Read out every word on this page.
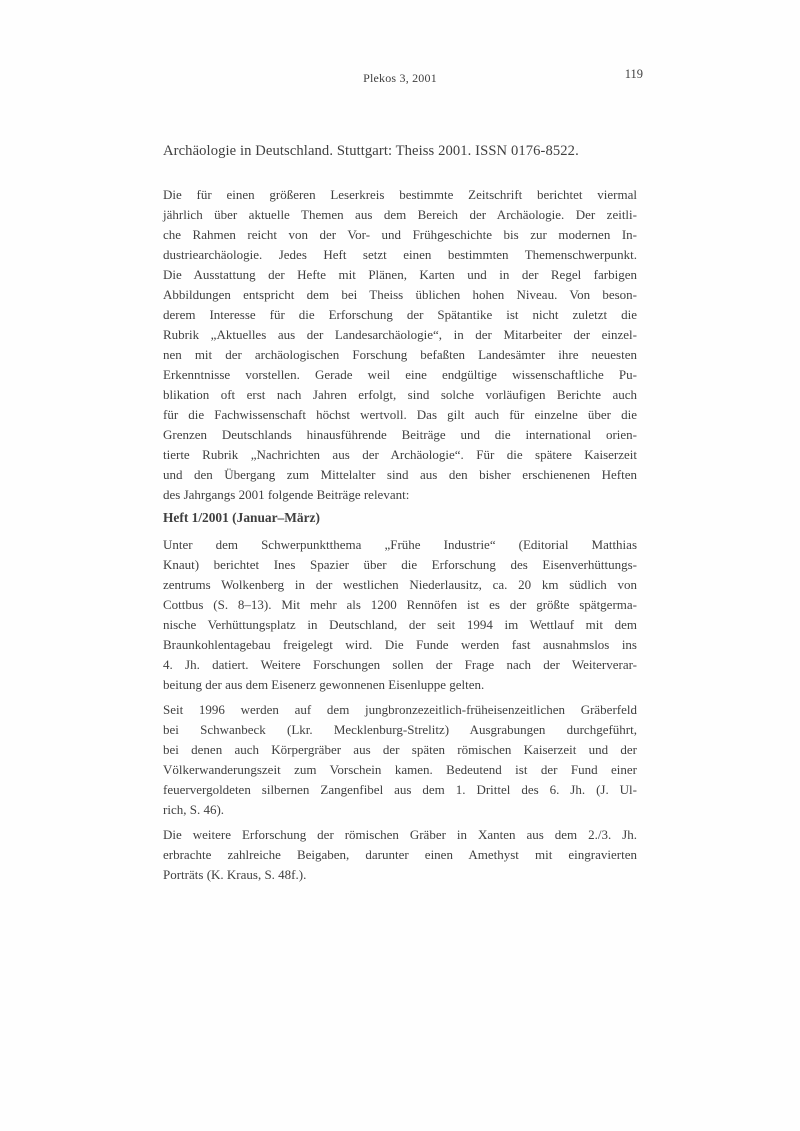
Plekos 3, 2001	119
Archäologie in Deutschland. Stuttgart: Theiss 2001. ISSN 0176-8522.
Die für einen größeren Leserkreis bestimmte Zeitschrift berichtet viermal
jährlich über aktuelle Themen aus dem Bereich der Archäologie. Der zeitli-
che Rahmen reicht von der Vor- und Frühgeschichte bis zur modernen In-
dustriearchäologie. Jedes Heft setzt einen bestimmten Themenschwerpunkt.
Die Ausstattung der Hefte mit Plänen, Karten und in der Regel farbigen
Abbildungen entspricht dem bei Theiss üblichen hohen Niveau. Von beson-
derem Interesse für die Erforschung der Spätantike ist nicht zuletzt die
Rubrik „Aktuelles aus der Landesarchäologie“, in der Mitarbeiter der einzel-
nen mit der archäologischen Forschung befaßten Landesämter ihre neuesten
Erkenntnisse vorstellen. Gerade weil eine endgültige wissenschaftliche Pu-
blikation oft erst nach Jahren erfolgt, sind solche vorläufigen Berichte auch
für die Fachwissenschaft höchst wertvoll. Das gilt auch für einzelne über die
Grenzen Deutschlands hinausführende Beiträge und die international orien-
tierte Rubrik „Nachrichten aus der Archäologie“. Für die spätere Kaiserzeit
und den Übergang zum Mittelalter sind aus den bisher erschienenen Heften
des Jahrgangs 2001 folgende Beiträge relevant:
Heft 1/2001 (Januar–März)
Unter dem Schwerpunktthema „Frühe Industrie“ (Editorial Matthias
Knaut) berichtet Ines Spazier über die Erforschung des Eisenverhüttungs-
zentrums Wolkenberg in der westlichen Niederlausitz, ca. 20 km südlich von
Cottbus (S. 8–13). Mit mehr als 1200 Rennöfen ist es der größte spätgerma-
nische Verhüttungsplatz in Deutschland, der seit 1994 im Wettlauf mit dem
Braunkohlentagebau freigelegt wird. Die Funde werden fast ausnahmslos ins
4. Jh. datiert. Weitere Forschungen sollen der Frage nach der Weiterverar-
beitung der aus dem Eisenerz gewonnenen Eisenluppe gelten.
Seit 1996 werden auf dem jungbronzezeitlich-früheisenzeitlichen Gräberfeld
bei Schwanbeck (Lkr. Mecklenburg-Strelitz) Ausgrabungen durchgeführt,
bei denen auch Körpergräber aus der späten römischen Kaiserzeit und der
Völkerwanderungszeit zum Vorschein kamen. Bedeutend ist der Fund einer
feuervergoldeten silbernen Zangenfibel aus dem 1. Drittel des 6. Jh. (J. Ul-
rich, S. 46).
Die weitere Erforschung der römischen Gräber in Xanten aus dem 2./3. Jh.
erbrachte zahlreiche Beigaben, darunter einen Amethyst mit eingravierten
Porträts (K. Kraus, S. 48f.).
